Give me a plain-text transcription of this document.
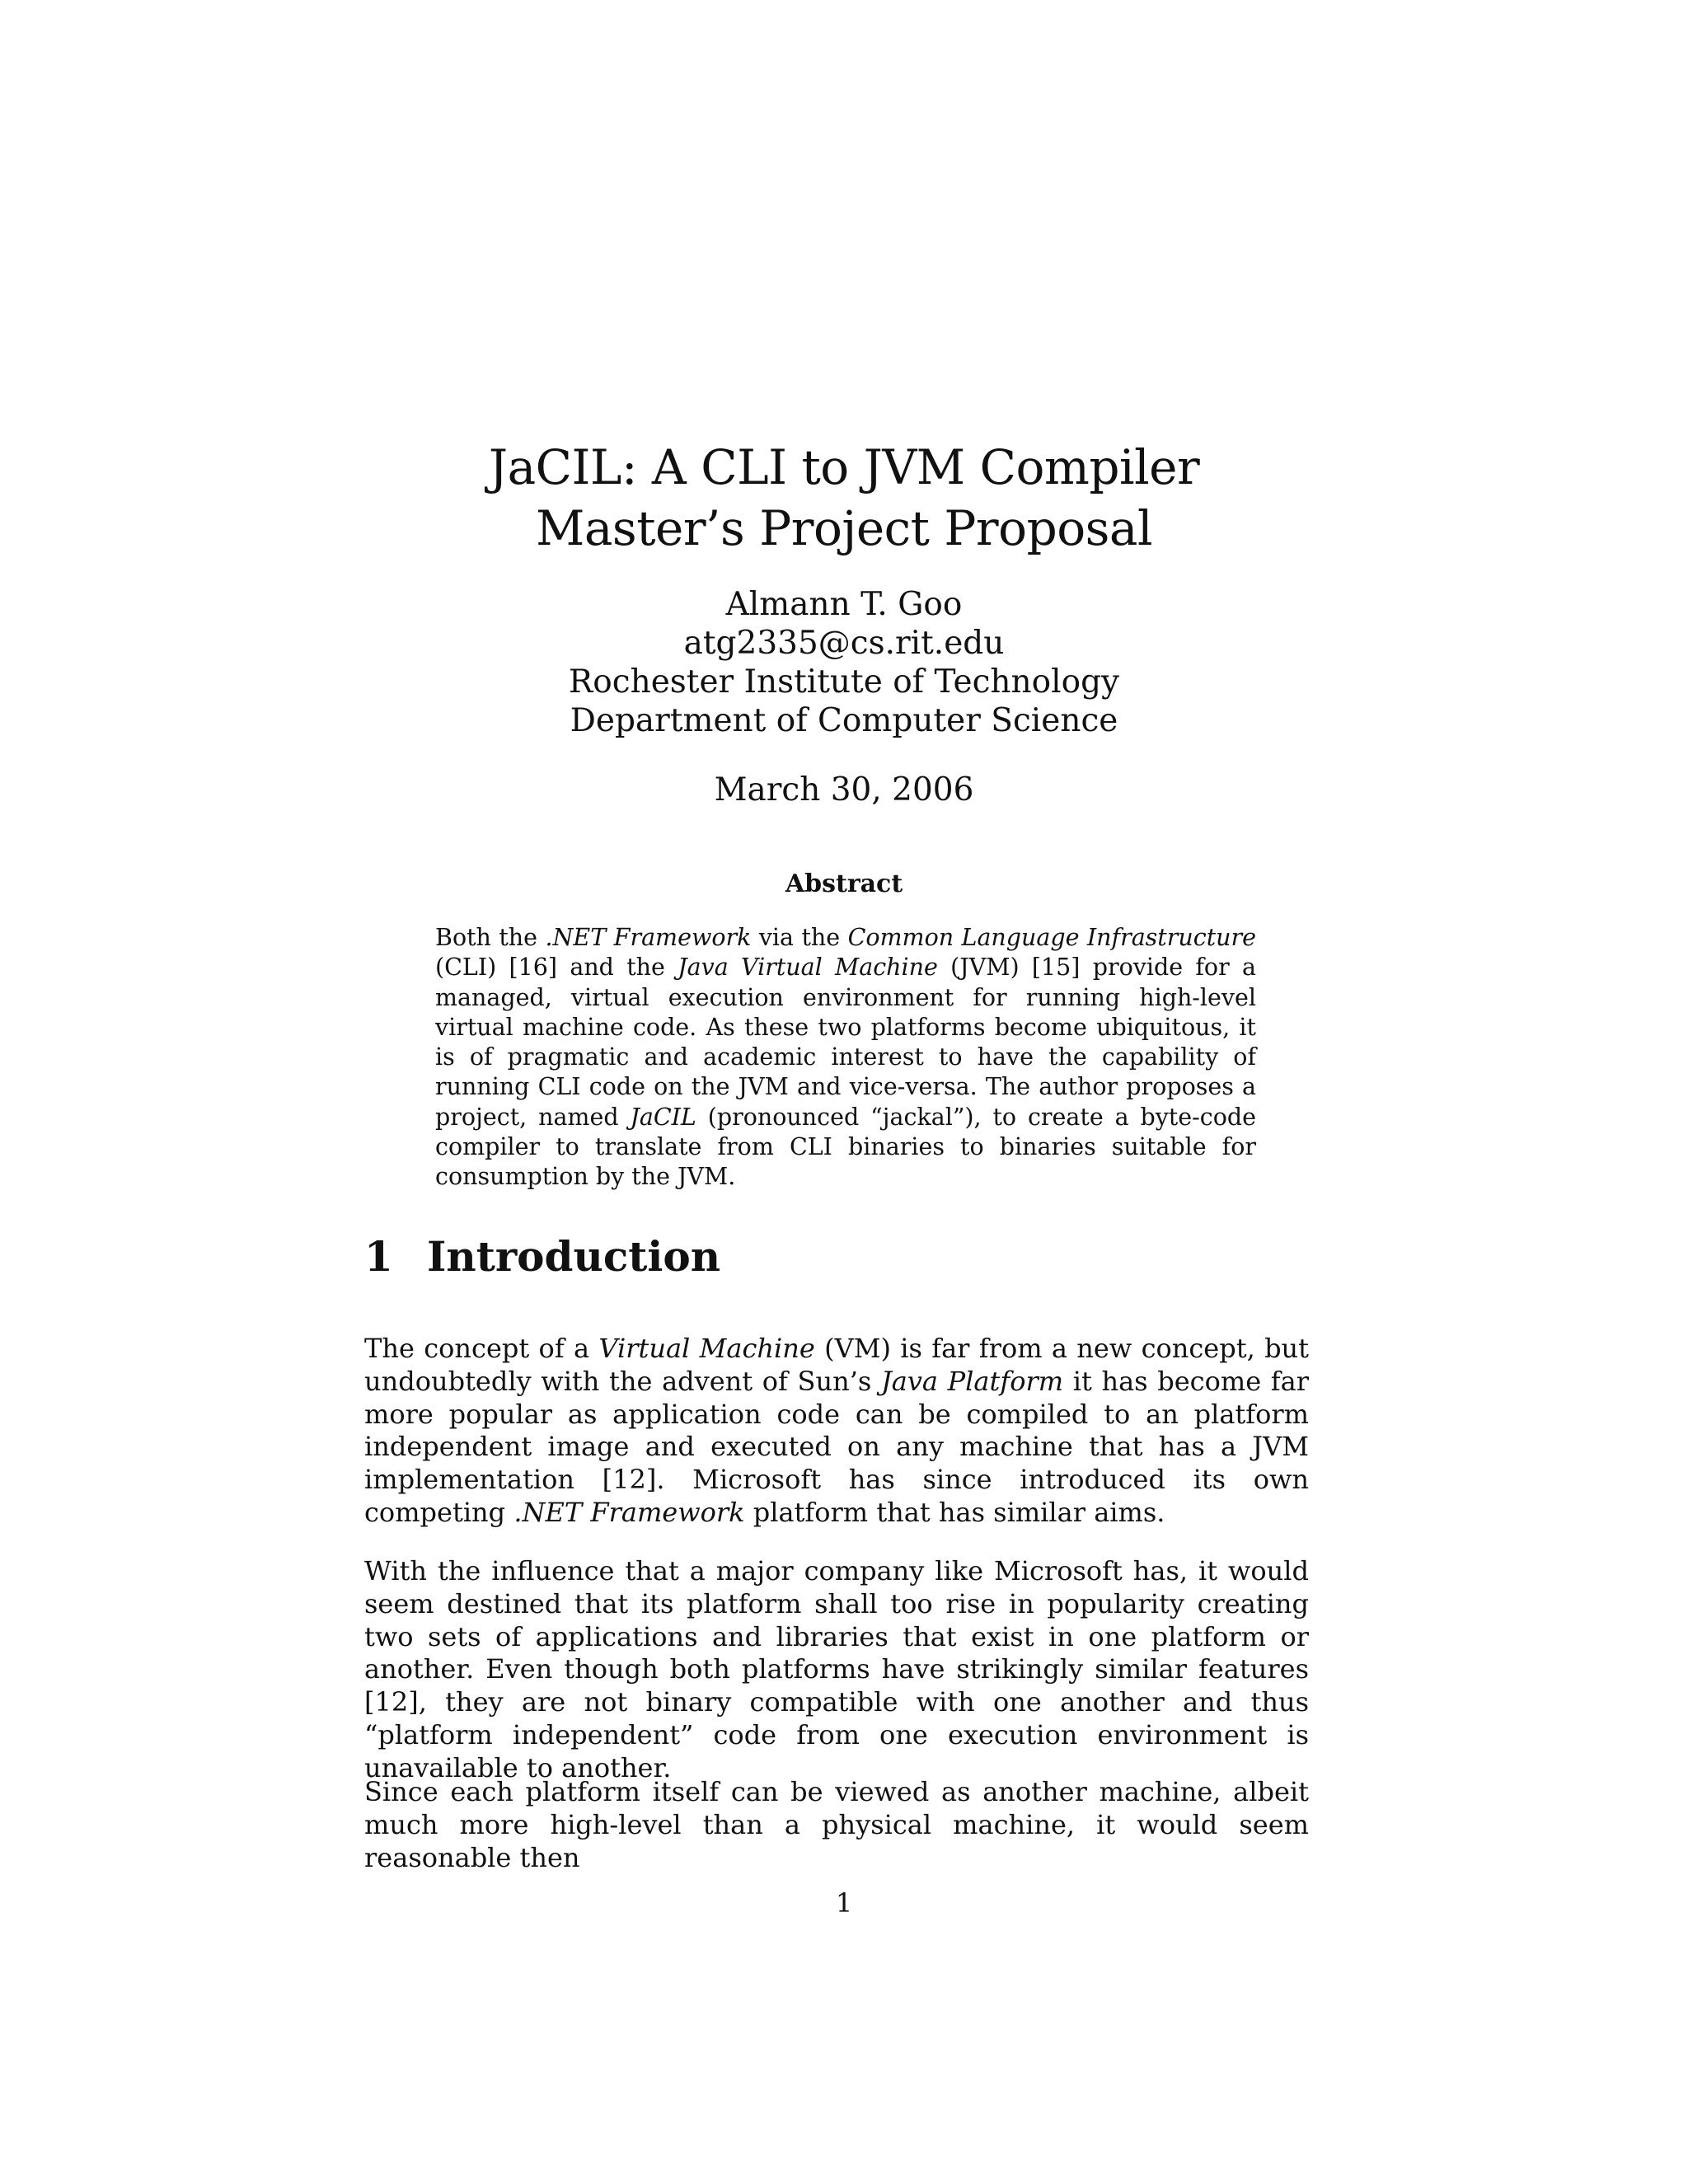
JaCIL: A CLI to JVM Compiler
Master’s Project Proposal
Almann T. Goo
atg2335@cs.rit.edu
Rochester Institute of Technology
Department of Computer Science
March 30, 2006
Abstract
Both the .NET Framework via the Common Language Infrastructure (CLI) [16] and the Java Virtual Machine (JVM) [15] provide for a managed, virtual execution environment for running high-level virtual machine code. As these two platforms become ubiquitous, it is of pragmatic and academic interest to have the capability of running CLI code on the JVM and vice-versa. The author proposes a project, named JaCIL (pronounced “jackal”), to create a byte-code compiler to translate from CLI binaries to binaries suitable for consumption by the JVM.
1 Introduction
The concept of a Virtual Machine (VM) is far from a new concept, but undoubtedly with the advent of Sun’s Java Platform it has become far more popular as application code can be compiled to an platform independent image and executed on any machine that has a JVM implementation [12]. Microsoft has since introduced its own competing .NET Framework platform that has similar aims.
With the influence that a major company like Microsoft has, it would seem destined that its platform shall too rise in popularity creating two sets of applications and libraries that exist in one platform or another. Even though both platforms have strikingly similar features [12], they are not binary compatible with one another and thus “platform independent” code from one execution environment is unavailable to another.
Since each platform itself can be viewed as another machine, albeit much more high-level than a physical machine, it would seem reasonable then
1
